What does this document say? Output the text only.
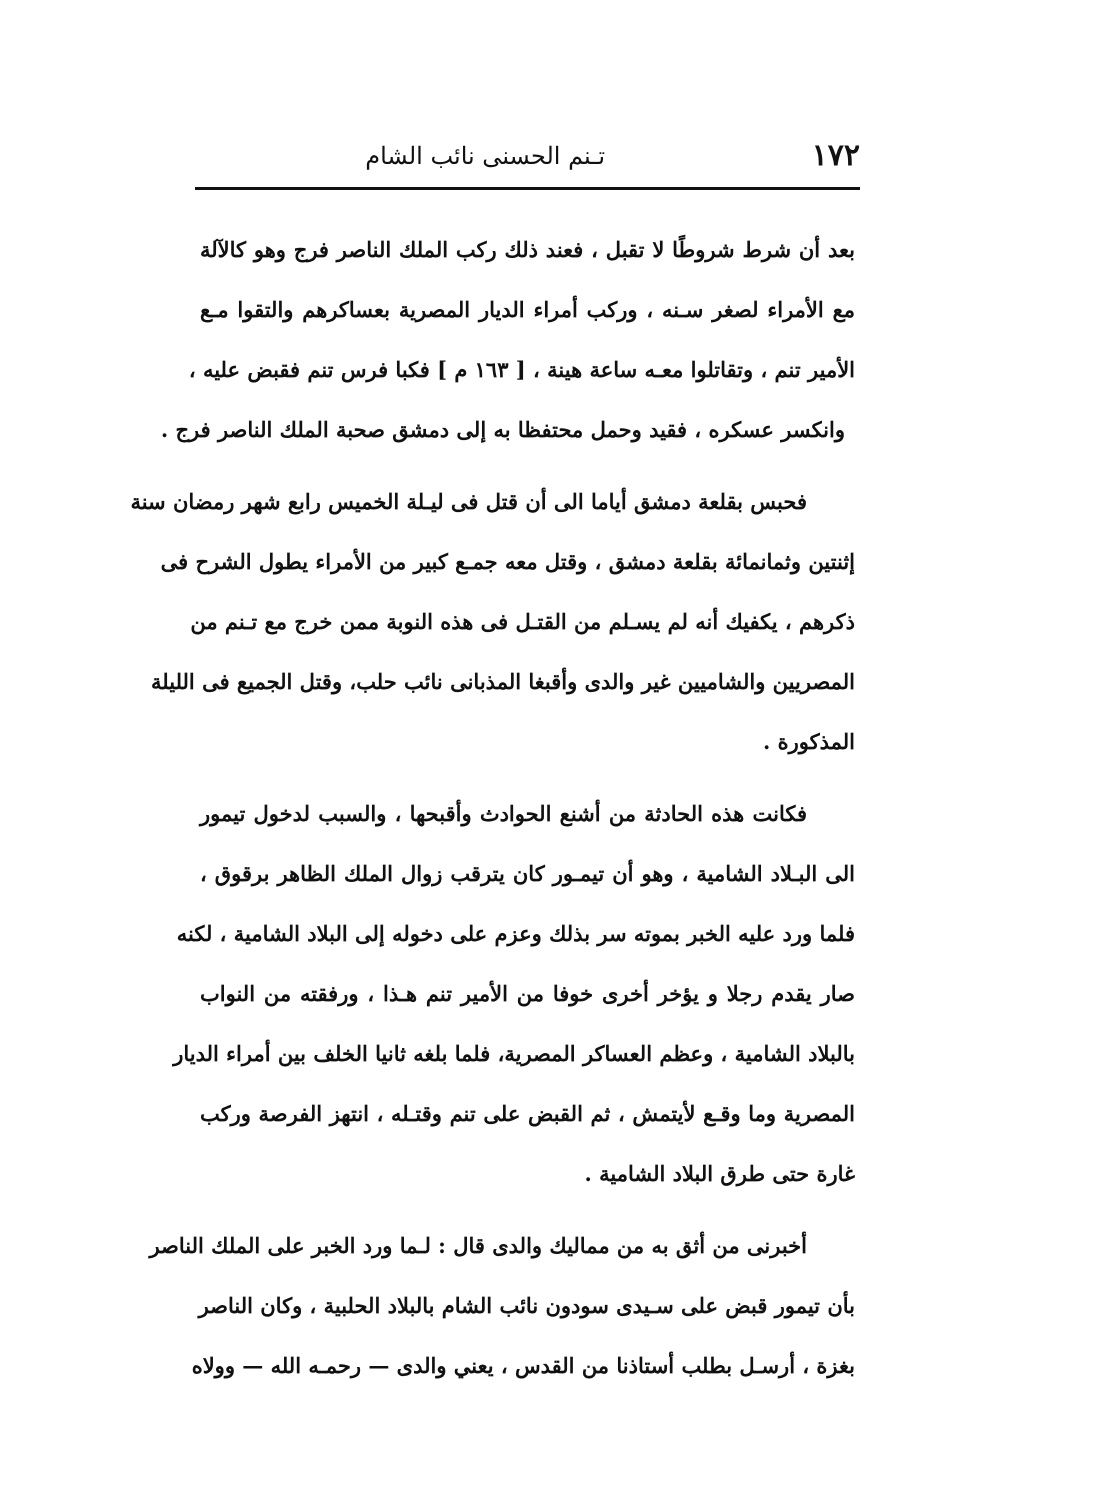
١٧٢
تـنم الحسنى نائب الشام
بعد أن شرط شروطًا لا تقبل ، فعند ذلك ركب الملك الناصر فرج وهو كالآلة
مع الأمراء لصغر سـنه ، وركب أمراء الديار المصرية بعساكرهم والتقوا مـع
الأمير تنم ، وتقاتلوا معـه ساعة هينة ، [ ١٦٣ م ] فكبا فرس تنم فقبض عليه ،
وانكسر عسكره ، فقيد وحمل محتفظا به إلى دمشق صحبة الملك الناصر فرج .
فحبس بقلعة دمشق أياما الى أن قتل فى ليـلة الخميس رابع شهر رمضان سنة
إثنتين وثمانمائة بقلعة دمشق ، وقتل معه جمـع كبير من الأمراء يطول الشرح فى
ذكرهم ، يكفيك أنه لم يسـلم من القتـل فى هذه النوبة ممن خرج مع تـنم من
المصريين والشاميين غير والدى وأقبغا المذبانى نائب حلب، وقتل الجميع فى الليلة
المذكورة .
فكانت هذه الحادثة من أشنع الحوادث وأقبحها ، والسبب لدخول تيمور
الى البـلاد الشامية ، وهو أن تيمـور كان يترقب زوال الملك الظاهر برقوق ،
فلما ورد عليه الخبر بموته سر بذلك وعزم على دخوله إلى البلاد الشامية ، لكنه
صار يقدم رجلا و يؤخر أخرى خوفا من الأمير تنم هـذا ، ورفقته من النواب
بالبلاد الشامية ، وعظم العساكر المصرية، فلما بلغه ثانيا الخلف بين أمراء الديار
المصرية وما وقـع لأيتمش ، ثم القبض على تنم وقتـله ، انتهز الفرصة وركب
غارة حتى طرق البلاد الشامية .
أخبرنى من أثق به من مماليك والدى قال : لـما ورد الخبر على الملك الناصر
بأن تيمور قبض على سـيدى سودون نائب الشام بالبلاد الحلبية ، وكان الناصر
بغزة ، أرسـل بطلب أستاذنا من القدس ، يعني والدى — رحمـه الله — وولاه
